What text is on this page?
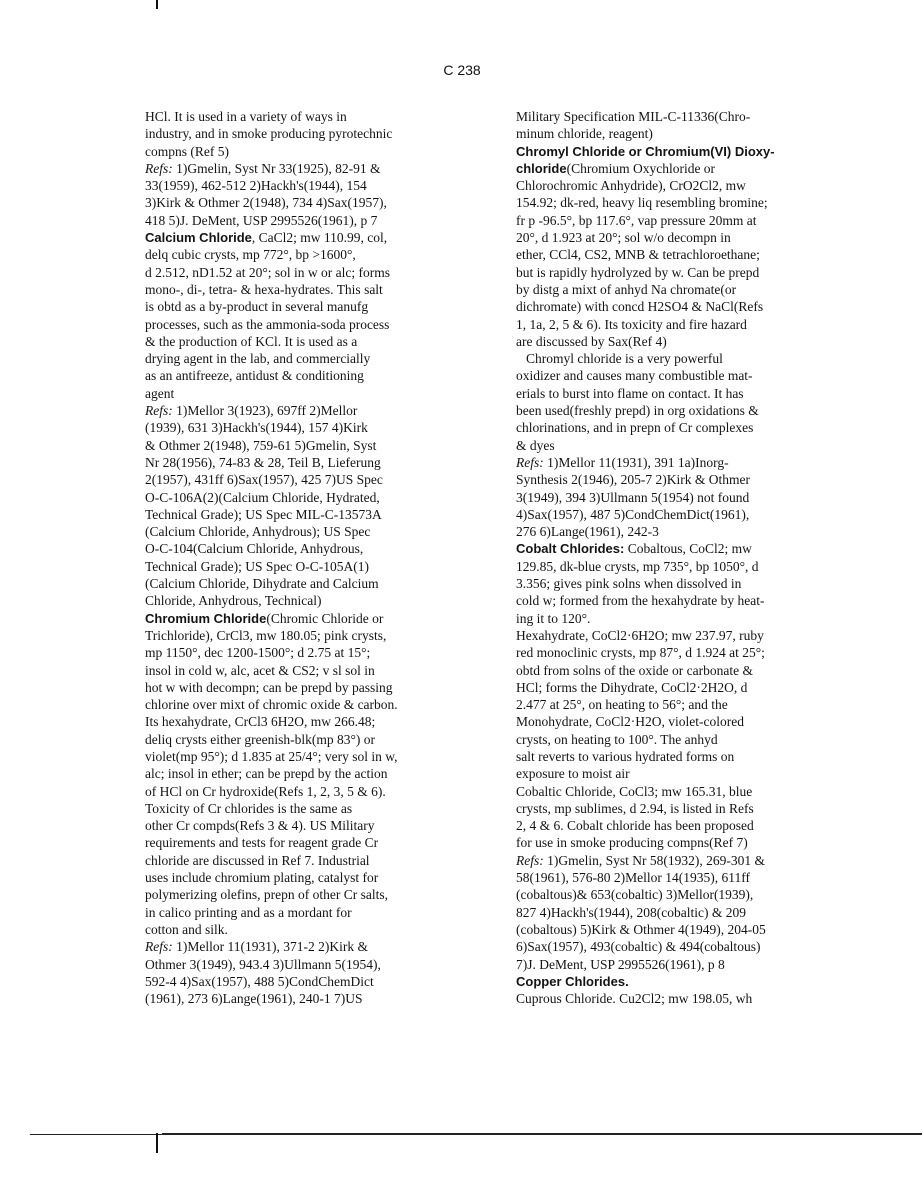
C 238
HCl. It is used in a variety of ways in
industry, and in smoke producing pyrotechnic
compns (Ref 5)
Refs: 1)Gmelin, Syst Nr 33(1925), 82-91 &
33(1959), 462-512 2)Hackh's(1944), 154
3)Kirk & Othmer 2(1948), 734 4)Sax(1957),
418 5)J. DeMent, USP 2995526(1961), p 7
Calcium Chloride, CaCl2; mw 110.99, col,
delq cubic crysts, mp 772°, bp >1600°,
d 2.512, nD1.52 at 20°; sol in w or alc; forms
mono-, di-, tetra- & hexa-hydrates. This salt
is obtd as a by-product in several manufg
processes, such as the ammonia-soda process
& the production of KCl. It is used as a
drying agent in the lab, and commercially
as an antifreeze, antidust & conditioning
agent
Refs: 1)Mellor 3(1923), 697ff 2)Mellor
(1939), 631 3)Hackh's(1944), 157 4)Kirk
& Othmer 2(1948), 759-61 5)Gmelin, Syst
Nr 28(1956), 74-83 & 28, Teil B, Lieferung
2(1957), 431ff 6)Sax(1957), 425 7)US Spec
O-C-106A(2)(Calcium Chloride, Hydrated,
Technical Grade); US Spec MIL-C-13573A
(Calcium Chloride, Anhydrous); US Spec
O-C-104(Calcium Chloride, Anhydrous,
Technical Grade); US Spec O-C-105A(1)
(Calcium Chloride, Dihydrate and Calcium
Chloride, Anhydrous, Technical)
Chromium Chloride(Chromic Chloride or
Trichloride), CrCl3, mw 180.05; pink crysts,
mp 1150°, dec 1200-1500°; d 2.75 at 15°;
insol in cold w, alc, acet & CS2; v sl sol in
hot w with decompn; can be prepd by passing
chlorine over mixt of chromic oxide & carbon.
Its hexahydrate, CrCl3 6H2O, mw 266.48;
deliq crysts either greenish-blk(mp 83°) or
violet(mp 95°); d 1.835 at 25/4°; very sol in w,
alc; insol in ether; can be prepd by the action
of HCl on Cr hydroxide(Refs 1, 2, 3, 5 & 6).
Toxicity of Cr chlorides is the same as
other Cr compds(Refs 3 & 4). US Military
requirements and tests for reagent grade Cr
chloride are discussed in Ref 7. Industrial
uses include chromium plating, catalyst for
polymerizing olefins, prepn of other Cr salts,
in calico printing and as a mordant for
cotton and silk.
Refs: 1)Mellor 11(1931), 371-2 2)Kirk &
Othmer 3(1949), 943.4 3)Ullmann 5(1954),
592-4 4)Sax(1957), 488 5)CondChemDict
(1961), 273 6)Lange(1961), 240-1 7)US
Military Specification MIL-C-11336(Chro-
minum chloride, reagent)
Chromyl Chloride or Chromium(VI) Dioxy-
chloride(Chromium Oxychloride or
Chlorochromic Anhydride), CrO2Cl2, mw
154.92; dk-red, heavy liq resembling bromine;
fr p -96.5°, bp 117.6°, vap pressure 20mm at
20°, d 1.923 at 20°; sol w/o decompn in
ether, CCl4, CS2, MNB & tetrachloroethane;
but is rapidly hydrolyzed by w. Can be prepd
by distg a mixt of anhyd Na chromate(or
dichromate) with concd H2SO4 & NaCl(Refs
1, 1a, 2, 5 & 6). Its toxicity and fire hazard
are discussed by Sax(Ref 4)
Chromyl chloride is a very powerful
oxidizer and causes many combustible mat-
erials to burst into flame on contact. It has
been used(freshly prepd) in org oxidations &
chlorinations, and in prepn of Cr complexes
& dyes
Refs: 1)Mellor 11(1931), 391 1a)Inorg-
Synthesis 2(1946), 205-7 2)Kirk & Othmer
3(1949), 394 3)Ullmann 5(1954) not found
4)Sax(1957), 487 5)CondChemDict(1961),
276 6)Lange(1961), 242-3
Cobalt Chlorides: Cobaltous, CoCl2; mw
129.85, dk-blue crysts, mp 735°, bp 1050°, d
3.356; gives pink solns when dissolved in
cold w; formed from the hexahydrate by heat-
ing it to 120°.
Hexahydrate, CoCl2·6H2O; mw 237.97, ruby
red monoclinic crysts, mp 87°, d 1.924 at 25°;
obtd from solns of the oxide or carbonate &
HCl; forms the Dihydrate, CoCl2·2H2O, d
2.477 at 25°, on heating to 56°; and the
Monohydrate, CoCl2·H2O, violet-colored
crysts, on heating to 100°. The anhyd
salt reverts to various hydrated forms on
exposure to moist air
Cobaltic Chloride, CoCl3; mw 165.31, blue
crysts, mp sublimes, d 2.94, is listed in Refs
2, 4 & 6. Cobalt chloride has been proposed
for use in smoke producing compns(Ref 7)
Refs: 1)Gmelin, Syst Nr 58(1932), 269-301 &
58(1961), 576-80 2)Mellor 14(1935), 611ff
(cobaltous)& 653(cobaltic) 3)Mellor(1939),
827 4)Hackh's(1944), 208(cobaltic) & 209
(cobaltous) 5)Kirk & Othmer 4(1949), 204-05
6)Sax(1957), 493(cobaltic) & 494(cobaltous)
7)J. DeMent, USP 2995526(1961), p 8
Copper Chlorides.
Cuprous Chloride. Cu2Cl2; mw 198.05, wh
